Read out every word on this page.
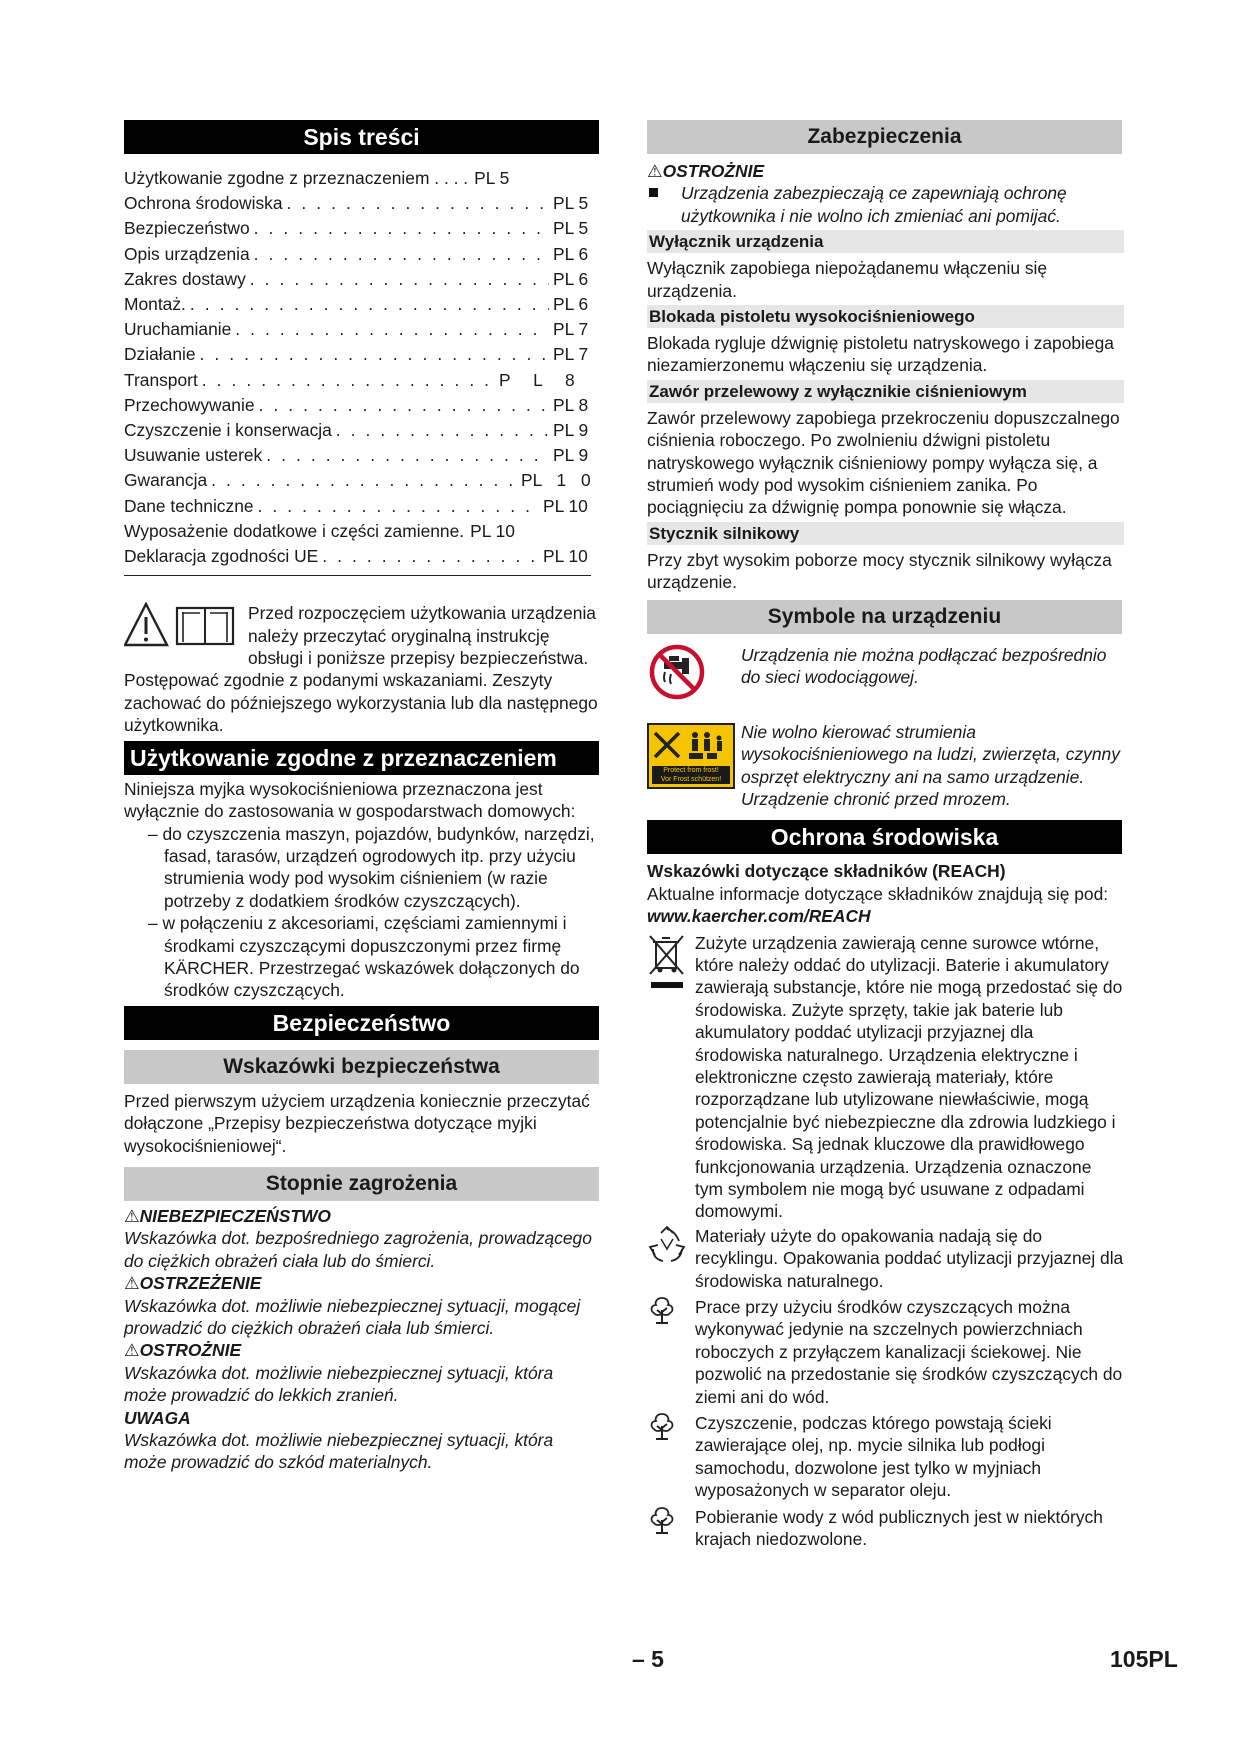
Spis treści
Użytkowanie zgodne z przeznaczeniem . . . . PL 5
Ochrona środowiska . . .	PL 5
Bezpieczeństwo . . .	PL 5
Opis urządzenia . . .	PL 6
Zakres dostawy . . .	PL 6
Montaż. . . .	PL 6
Uruchamianie . . .	PL 7
Działanie . . .	PL 7
Transport . . .	P L 8
Przechowywanie . . .	PL 8
Czyszczenie i konserwacja . . .	PL 9
Usuwanie usterek . . .	PL 9
Gwarancja . . .	PL 1 0
Dane techniczne . . .	PL 10
Wyposażenie dodatkowe i części zamienne. PL 10
Deklaracja zgodności UE . . .	PL 10

Przed rozpoczęciem użytkowania urządzenia należy przeczytać oryginalną instrukcję obsługi i poniższe przepisy bezpieczeństwa. Postępować zgodnie z podanymi wskazaniami. Zeszyty zachować do późniejszego wykorzystania lub dla następnego użytkownika.

Użytkowanie zgodne z przeznaczeniem

Niniejsza myjka wysokociśnieniowa przeznaczona jest wyłącznie do zastosowania w gospodarstwach domowych:

– do czyszczenia maszyn, pojazdów, budynków, narzędzi, fasad, tarasów, urządzeń ogrodowych itp. przy użyciu strumienia wody pod wysokim ciśnieniem (w razie potrzeby z dodatkiem środków czyszczących).

– w połączeniu z akcesoriami, częściami zamiennymi i środkami czyszczącymi dopuszczonymi przez firmę KÄRCHER. Przestrzegać wskazówek dołączonych do środków czyszczących.

Bezpieczeństwo
Wskazówki bezpieczeństwa

Przed pierwszym użyciem urządzenia koniecznie przeczytać dołączone „Przepisy bezpieczeństwa dotyczące myjki wysokociśnieniowej“.

Stopnie zagrożenia

⚠NIEBEZPIECZEŃSTWO

Wskazówka dot. bezpośredniego zagrożenia, prowadzącego do ciężkich obrażeń ciała lub do śmierci.

⚠OSTRZEŻENIE

Wskazówka dot. możliwie niebezpiecznej sytuacji, mogącej prowadzić do ciężkich obrażeń ciała lub śmierci.

⚠OSTROŻNIE

Wskazówka dot. możliwie niebezpiecznej sytuacji, która może prowadzić do lekkich zranień.

UWAGA

Wskazówka dot. możliwie niebezpiecznej sytuacji, która może prowadzić do szkód materialnych.

Zabezpieczenia

⚠OSTROŻNIE

Urządzenia zabezpieczają ce zapewniają ochronę użytkownika i nie wolno ich zmieniać ani pomijać.

Wyłącznik urządzenia

Wyłącznik zapobiega niepożądanemu włączeniu się urządzenia.

Blokada pistoletu wysokociśnieniowego

Blokada rygluje dźwignię pistoletu natryskowego i zapobiega niezamierzonemu włączeniu się urządzenia.

Zawór przelewowy z wyłącznikie ciśnieniowym

Zawór przelewowy zapobiega przekroczeniu dopuszczalnego ciśnienia roboczego. Po zwolnieniu dźwigni pistoletu natryskowego wyłącznik ciśnieniowy pompy wyłącza się, a strumień wody pod wysokim ciśnieniem zanika. Po pociągnięciu za dźwignię pompa ponownie się włącza.

Stycznik silnikowy

Przy zbyt wysokim poborze mocy stycznik silnikowy wyłącza urządzenie.

Symbole na urządzeniu

Urządzenia nie można podłączać bezpośrednio do sieci wodociągowej.

Protect from frost!
Vor Frost schützen!

Nie wolno kierować strumienia wysokociśnieniowego na ludzi, zwierzęta, czynny osprzęt elektryczny ani na samo urządzenie. Urządzenie chronić przed mrozem.

Ochrona środowiska

Wskazówki dotyczące składników (REACH)

Aktualne informacje dotyczące składników znajdują się pod:

www.kaercher.com/REACH

Zużyte urządzenia zawierają cenne surowce wtórne, które należy oddać do utylizacji. Baterie i akumulatory zawierają substancje, które nie mogą przedostać się do środowiska. Zużyte sprzęty, takie jak baterie lub akumulatory poddać utylizacji przyjaznej dla środowiska naturalnego. Urządzenia elektryczne i elektroniczne często zawierają materiały, które rozporządzane lub utylizowane niewłaściwie, mogą potencjalnie być niebezpieczne dla zdrowia ludzkiego i środowiska. Są jednak kluczowe dla prawidłowego funkcjonowania urządzenia. Urządzenia oznaczone tym symbolem nie mogą być usuwane z odpadami domowymi.

Materiały użyte do opakowania nadają się do recyklingu. Opakowania poddać utylizacji przyjaznej dla środowiska naturalnego.

Prace przy użyciu środków czyszczących można wykonywać jedynie na szczelnych powierzchniach roboczych z przyłączem kanalizacji ściekowej. Nie pozwolić na przedostanie się środków czyszczących do ziemi ani do wód.

Czyszczenie, podczas którego powstają ścieki zawierające olej, np. mycie silnika lub podłogi samochodu, dozwolone jest tylko w myjniach wyposażonych w separator oleju.

Pobieranie wody z wód publicznych jest w niektórych krajach niedozwolone.

– 5	105PL
